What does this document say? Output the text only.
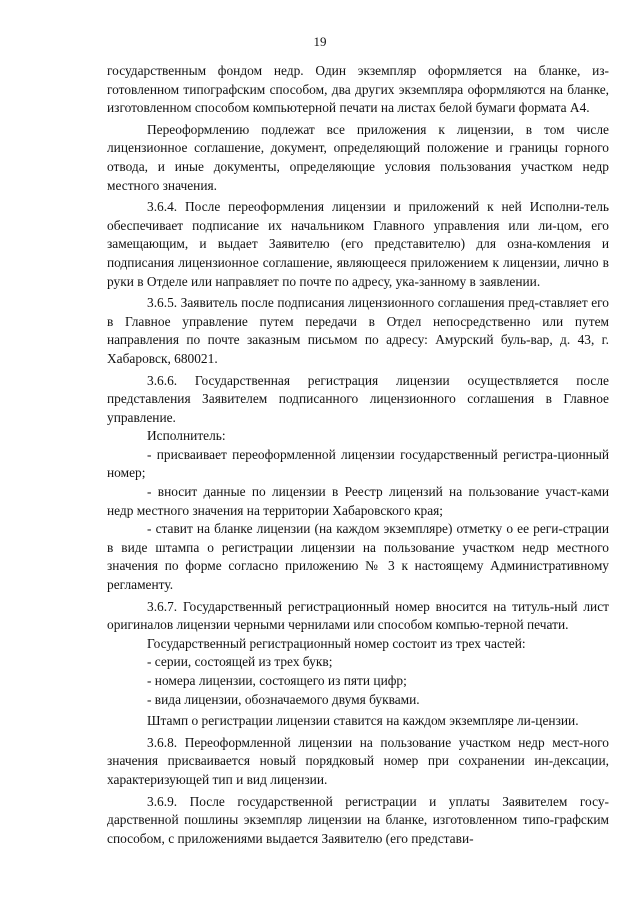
19

государственным фондом недр. Один экземпляр оформляется на бланке, из-готовленном типографским способом, два других экземпляра оформляются на бланке, изготовленном способом компьютерной печати на листах белой бумаги формата А4.

Переоформлению подлежат все приложения к лицензии, в том числе лицензионное соглашение, документ, определяющий положение и границы горного отвода, и иные документы, определяющие условия пользования участком недр местного значения.

3.6.4. После переоформления лицензии и приложений к ней Исполни-тель обеспечивает подписание их начальником Главного управления или ли-цом, его замещающим, и выдает Заявителю (его представителю) для озна-комления и подписания лицензионное соглашение, являющееся приложением к лицензии, лично в руки в Отделе или направляет по почте по адресу, ука-занному в заявлении.

3.6.5. Заявитель после подписания лицензионного соглашения пред-ставляет его в Главное управление путем передачи в Отдел непосредственно или путем направления по почте заказным письмом по адресу: Амурский буль-вар, д. 43, г. Хабаровск, 680021.

3.6.6. Государственная регистрация лицензии осуществляется после представления Заявителем подписанного лицензионного соглашения в Главное управление.

Исполнитель:

- присваивает переоформленной лицензии государственный регистра-ционный номер;

- вносит данные по лицензии в Реестр лицензий на пользование участ-ками недр местного значения на территории Хабаровского края;

- ставит на бланке лицензии (на каждом экземпляре) отметку о ее реги-страции в виде штампа о регистрации лицензии на пользование участком недр местного значения по форме согласно приложению № 3 к настоящему Административному регламенту.

3.6.7. Государственный регистрационный номер вносится на титуль-ный лист оригиналов лицензии черными чернилами или способом компью-терной печати.

Государственный регистрационный номер состоит из трех частей:

- серии, состоящей из трех букв;

- номера лицензии, состоящего из пяти цифр;

- вида лицензии, обозначаемого двумя буквами.

Штамп о регистрации лицензии ставится на каждом экземпляре ли-цензии.

3.6.8. Переоформленной лицензии на пользование участком недр мест-ного значения присваивается новый порядковый номер при сохранении ин-дексации, характеризующей тип и вид лицензии.

3.6.9. После государственной регистрации и уплаты Заявителем госу-дарственной пошлины экземпляр лицензии на бланке, изготовленном типо-графским способом, с приложениями выдается Заявителю (его представи-
